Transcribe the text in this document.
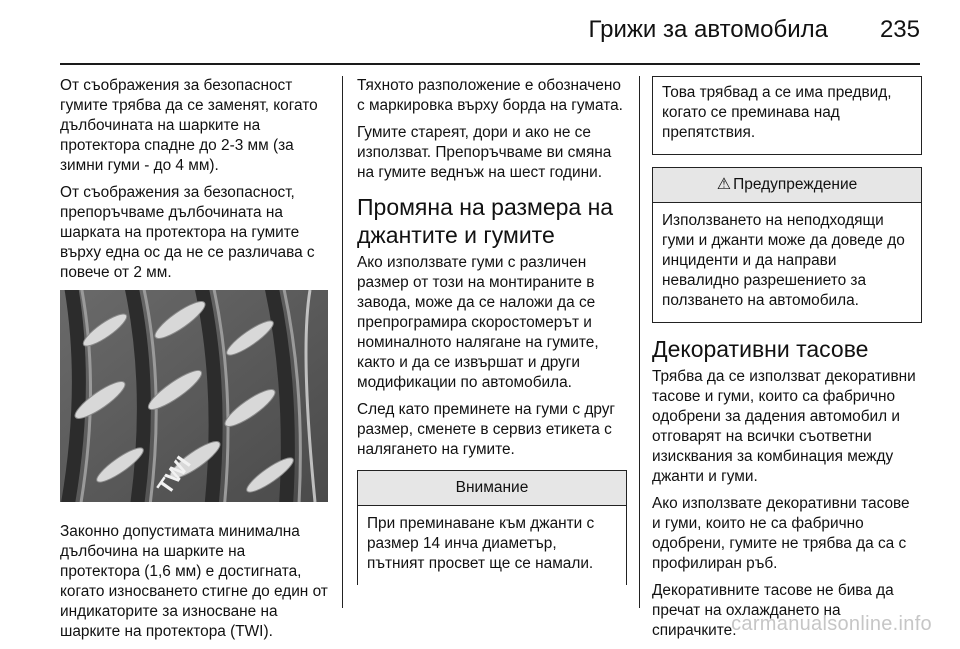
Грижи за автомобила 235

От съображения за безопасност гумите трябва да се заменят, когато дълбочината на шарките на протектора спадне до 2-3 мм (за зимни гуми - до 4 мм).

От съображения за безопасност, препоръчваме дълбочината на шарката на протектора на гумите върху една ос да не се различава с повече от 2 мм.

TWI

Законно допустимата минимална дълбочина на шарките на протектора (1,6 мм) е достигната, когато износването стигне до един от индикаторите за износване на шарките на протектора (TWI).

Тяхното разположение е обозначено с маркировка върху борда на гумата.

Гумите стареят, дори и ако не се използват. Препоръчваме ви смяна на гумите веднъж на шест години.

Промяна на размера на джантите и гумите

Ако използвате гуми с различен размер от този на монтираните в завода, може да се наложи да се препрограмира скоростомерът и номиналното налягане на гумите, както и да се извършат и други модификации по автомобила.

След като преминете на гуми с друг размер, сменете в сервиз етикета с налягането на гумите.

Внимание

При преминаване към джанти с размер 14 инча диаметър, пътният просвет ще се намали.

Това трябвад а се има предвид, когато се преминава над препятствия.

⚠ Предупреждение

Използването на неподходящи гуми и джанти може да доведе до инциденти и да направи невалидно разрешението за ползването на автомобила.

Декоративни тасове

Трябва да се използват декоративни тасове и гуми, които са фабрично одобрени за дадения автомобил и отговарят на всички съответни изисквания за комбинация между джанти и гуми.

Ако използвате декоративни тасове и гуми, които не са фабрично одобрени, гумите не трябва да са с профилиран ръб.

Декоративните тасове не бива да пречат на охлаждането на спирачките.

carmanualsonline.info
